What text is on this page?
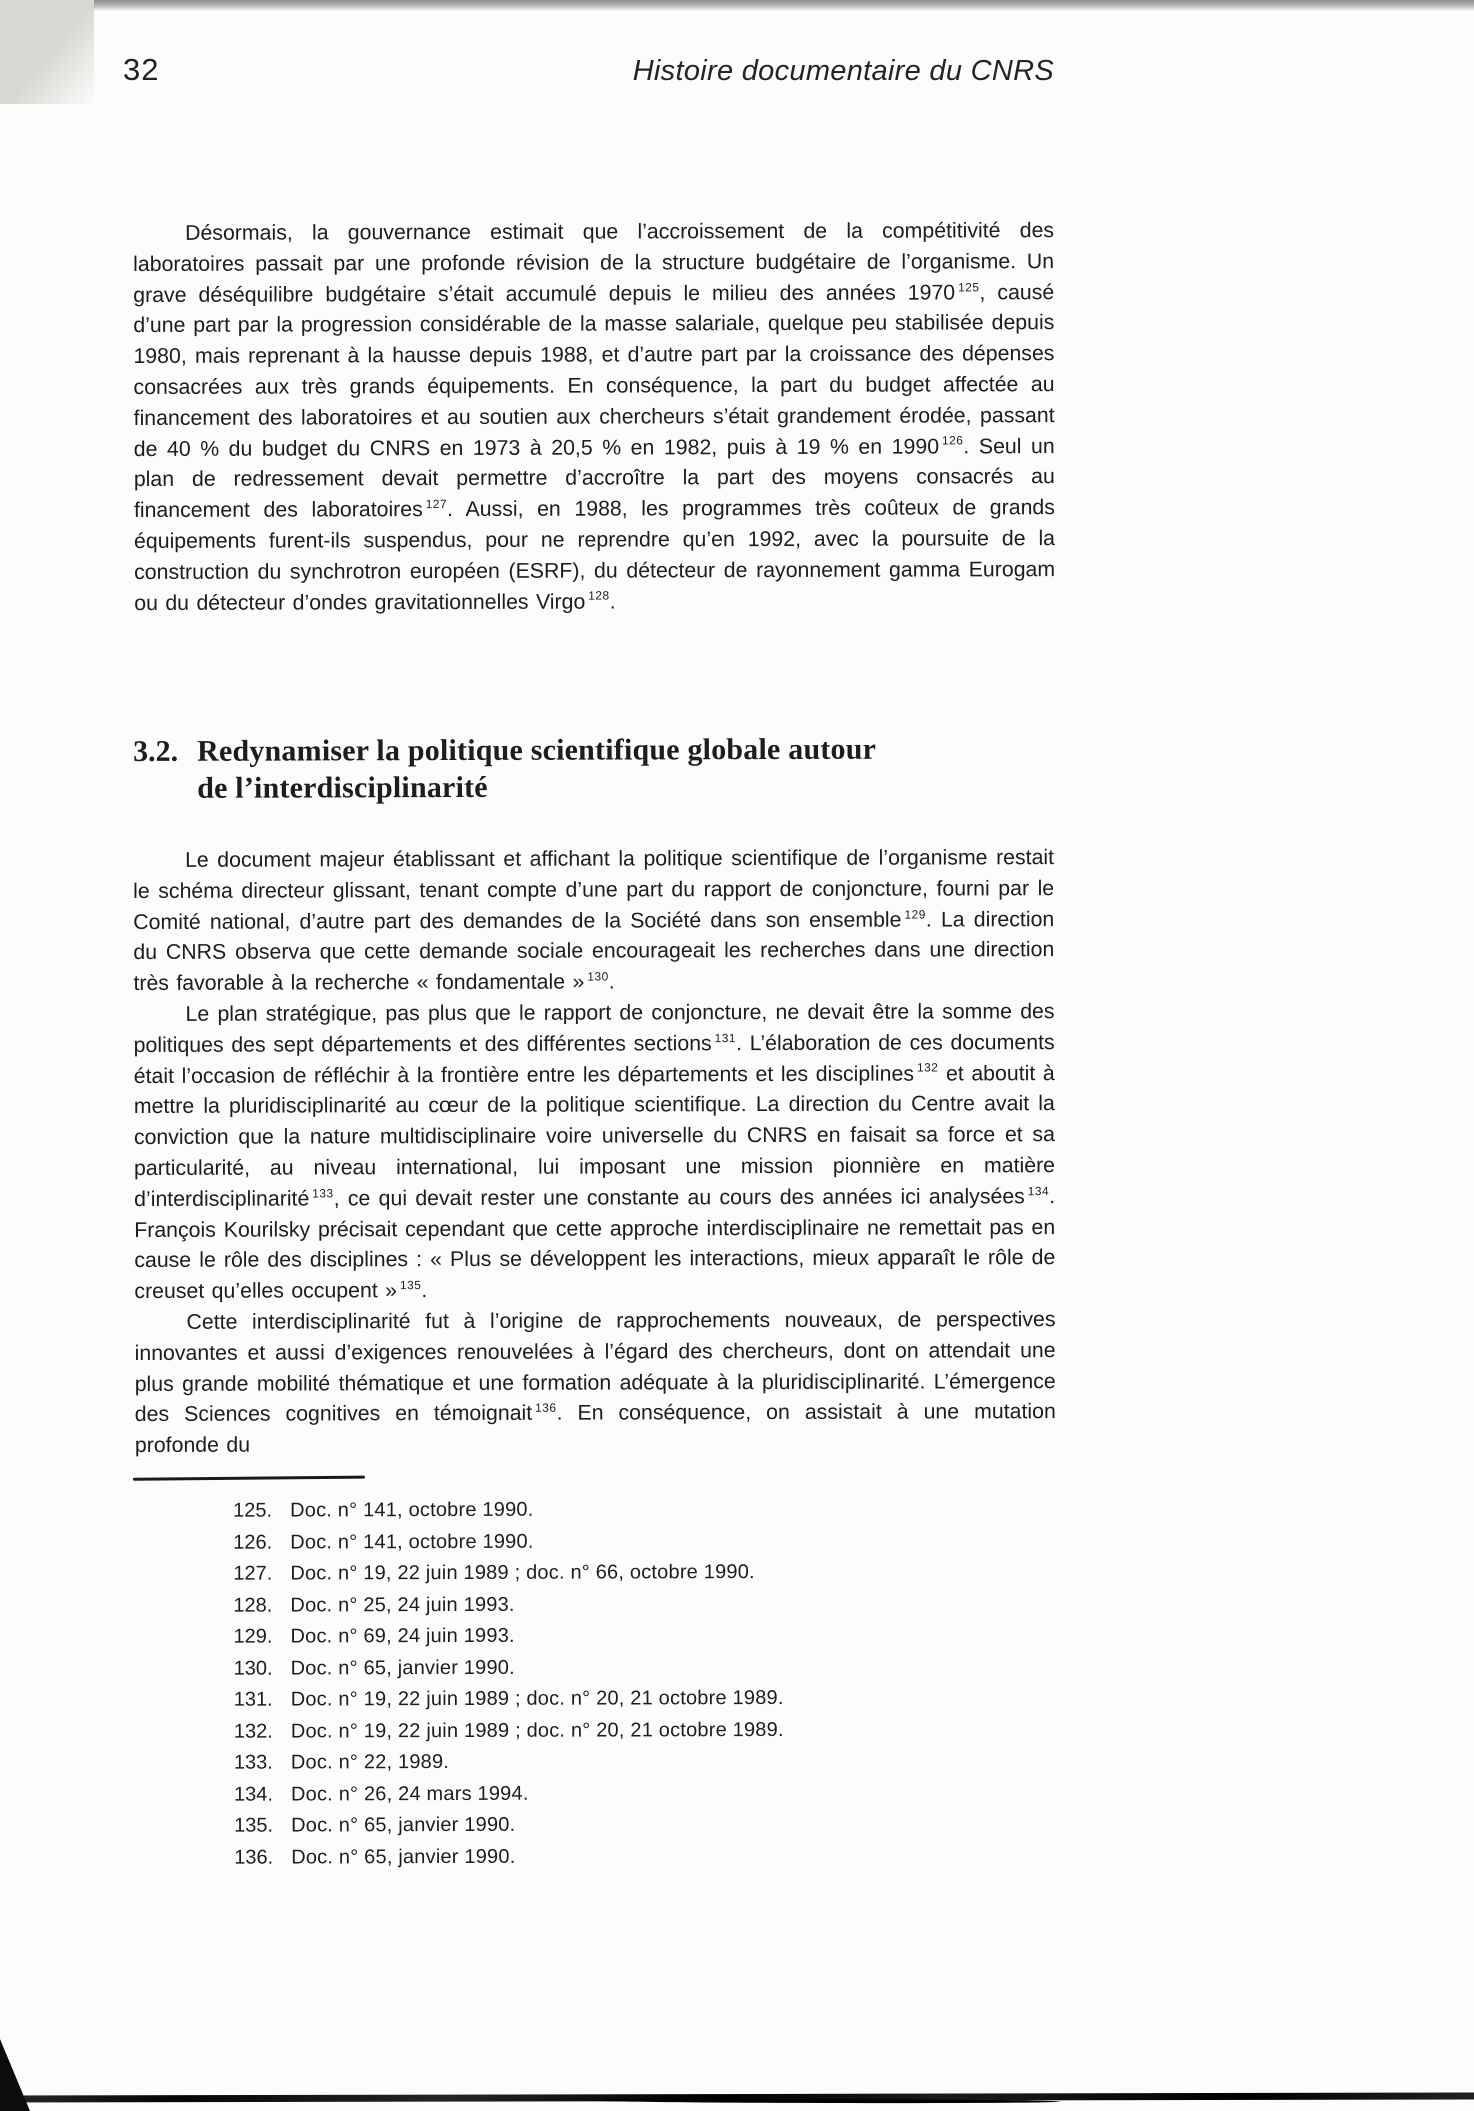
32	Histoire documentaire du CNRS

Désormais, la gouvernance estimait que l’accroissement de la compétitivité des laboratoires passait par une profonde révision de la structure budgétaire de l’organisme. Un grave déséquilibre budgétaire s’était accumulé depuis le milieu des années 1970 $^{125}$, causé d’une part par la progression considérable de la masse salariale, quelque peu stabilisée depuis 1980, mais reprenant à la hausse depuis 1988, et d’autre part par la croissance des dépenses consacrées aux très grands équipements. En conséquence, la part du budget affectée au financement des laboratoires et au soutien aux chercheurs s’était grandement érodée, passant de 40 % du budget du CNRS en 1973 à 20,5 % en 1982, puis à 19 % en 1990 $^{126}$. Seul un plan de redressement devait permettre d’accroître la part des moyens consacrés au financement des laboratoires $^{127}$. Aussi, en 1988, les programmes très coûteux de grands équipements furent-ils suspendus, pour ne reprendre qu’en 1992, avec la poursuite de la construction du synchrotron européen (ESRF), du détecteur de rayonnement gamma Eurogam ou du détecteur d’ondes gravitationnelles Virgo $^{128}$.

3.2. Redynamiser la politique scientifique globale autour
de l’interdisciplinarité

Le document majeur établissant et affichant la politique scientifique de l’organisme restait le schéma directeur glissant, tenant compte d’une part du rapport de conjoncture, fourni par le Comité national, d’autre part des demandes de la Société dans son ensemble $^{129}$. La direction du CNRS observa que cette demande sociale encourageait les recherches dans une direction très favorable à la recherche « fondamentale » $^{130}$.

Le plan stratégique, pas plus que le rapport de conjoncture, ne devait être la somme des politiques des sept départements et des différentes sections $^{131}$. L’élaboration de ces documents était l’occasion de réfléchir à la frontière entre les départements et les disciplines $^{132}$ et aboutit à mettre la pluridisciplinarité au cœur de la politique scientifique. La direction du Centre avait la conviction que la nature multidisciplinaire voire universelle du CNRS en faisait sa force et sa particularité, au niveau international, lui imposant une mission pionnière en matière d’interdisciplinarité $^{133}$, ce qui devait rester une constante au cours des années ici analysées $^{134}$. François Kourilsky précisait cependant que cette approche interdisciplinaire ne remettait pas en cause le rôle des disciplines : « Plus se développent les interactions, mieux apparaît le rôle de creuset qu’elles occupent » $^{135}$.

Cette interdisciplinarité fut à l’origine de rapprochements nouveaux, de perspectives innovantes et aussi d’exigences renouvelées à l’égard des chercheurs, dont on attendait une plus grande mobilité thématique et une formation adéquate à la pluridisciplinarité. L’émergence des Sciences cognitives en témoignait $^{136}$. En conséquence, on assistait à une mutation profonde du

125. Doc. n° 141, octobre 1990.
126. Doc. n° 141, octobre 1990.
127. Doc. n° 19, 22 juin 1989 ; doc. n° 66, octobre 1990.
128. Doc. n° 25, 24 juin 1993.
129. Doc. n° 69, 24 juin 1993.
130. Doc. n° 65, janvier 1990.
131. Doc. n° 19, 22 juin 1989 ; doc. n° 20, 21 octobre 1989.
132. Doc. n° 19, 22 juin 1989 ; doc. n° 20, 21 octobre 1989.
133. Doc. n° 22, 1989.
134. Doc. n° 26, 24 mars 1994.
135. Doc. n° 65, janvier 1990.
136. Doc. n° 65, janvier 1990.
